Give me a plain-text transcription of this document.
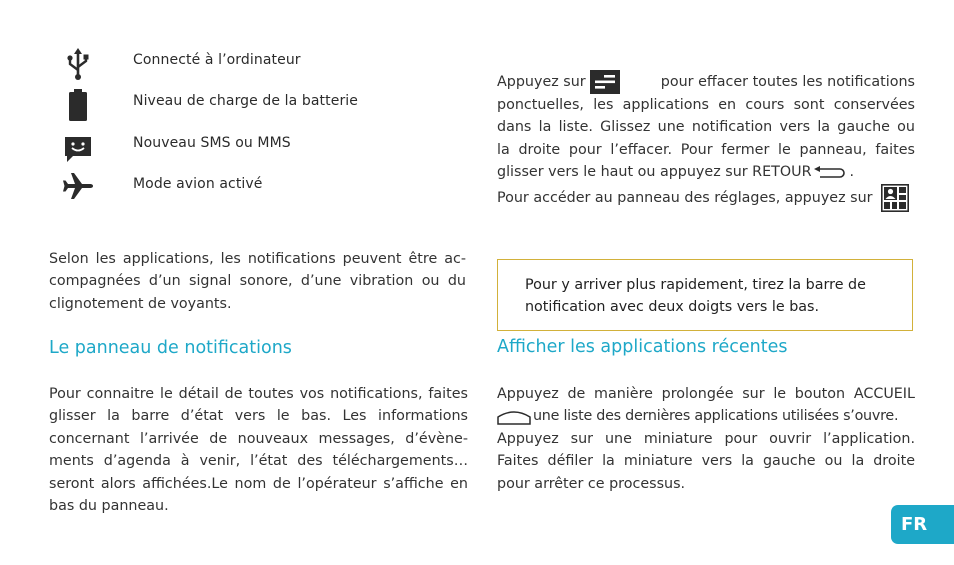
Connecté à l’ordinateur
Niveau de charge de la batterie
Nouveau SMS ou MMS
Mode avion activé
Selon les applications, les notifications peuvent être ac-
compagnées d’un signal sonore, d’une vibration ou du
clignotement de voyants.
Le panneau de notifications
Pour connaitre le détail de toutes vos notifications, faites
glisser la barre d’état vers le bas. Les informations
concernant l’arrivée de nouveaux messages, d’évène-
ments d’agenda à venir, l’état des téléchargements…
seront alors affichées.Le nom de l’opérateur s’affiche en
bas du panneau.
Appuyez sur	pour effacer toutes les notifications
ponctuelles, les applications en cours sont conservées
dans la liste. Glissez une notification vers la gauche ou
la droite pour l’effacer. Pour fermer le panneau, faites
glisser vers le haut ou appuyez sur RETOUR	.
Pour accéder au panneau des réglages, appuyez sur
Pour y arriver plus rapidement, tirez la barre de
notification avec deux doigts vers le bas.
Afficher les applications récentes
Appuyez de manière prolongée sur le bouton ACCUEIL
une liste des dernières applications utilisées s’ouvre.
Appuyez sur une miniature pour ouvrir l’application.
Faites défiler la miniature vers la gauche ou la droite
pour arrêter ce processus.
FR
